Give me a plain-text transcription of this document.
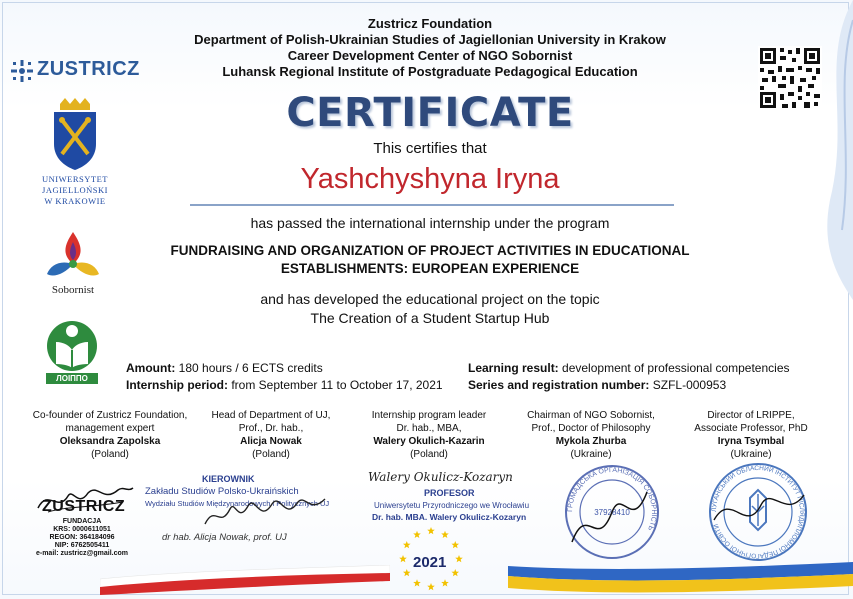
Zustricz Foundation
Department of Polish-Ukrainian Studies of Jagiellonian University in Krakow
Career Development Center of NGO Sobornist
Luhansk Regional Institute of Postgraduate Pedagogical Education
ZUSTRICZ
UNIWERSYTET
JAGIELLOŃSKI
W KRAKOWIE
Sobornist
ЛОІППО
CERTIFICATE
This certifies that
Yashchyshyna Iryna
has passed the international internship under the program
FUNDRAISING AND ORGANIZATION OF PROJECT ACTIVITIES IN EDUCATIONAL
ESTABLISHMENTS: EUROPEAN EXPERIENCE
and has developed the educational project on the topic
The Creation of a Student Startup Hub
Amount: 180 hours / 6 ECTS credits
Internship period: from September 11 to October 17, 2021
Learning result: development of professional competencies
Series and registration number: SZFL-000953
Co-founder of Zustricz Foundation,
management expert
Oleksandra Zapolska
(Poland)
Head of Department of UJ,
Prof., Dr. hab.,
Alicja Nowak
(Poland)
Internship program leader
Dr. hab., MBA,
Walery Okulich-Kazarin
(Poland)
Chairman of NGO Sobornist,
Prof., Doctor of Philosophy
Mykola Zhurba
(Ukraine)
Director of LRIPPE,
Associate Professor, PhD
Iryna Tsymbal
(Ukraine)
ZUSTRICZ
FUNDACJA
KRS: 0000611051
REGON: 364184096
NIP: 6762505411
e-mail: zustricz@gmail.com
KIEROWNIK
Zakładu Studiów Polsko-Ukraińskich
Wydziału Studiów Międzynarodowych i Politycznych UJ
dr hab. Alicja Nowak, prof. UJ
Walery Okulicz-Kozaryn
PROFESOR
Uniwersytetu Przyrodniczego we Wrocławiu
Dr. hab. MBA. Walery Okulicz-Kozaryn
2021
ГРОМАДСЬКА ОРГАНІЗАЦІЯ СОБОРНІСТЬ
37928410	ЛУГАНСЬКИЙ ОБЛАСНИЙ ІНСТИТУТ ПІСЛЯДИПЛОМНОЇ ПЕДАГОГІЧНОЇ ОСВІТИ
